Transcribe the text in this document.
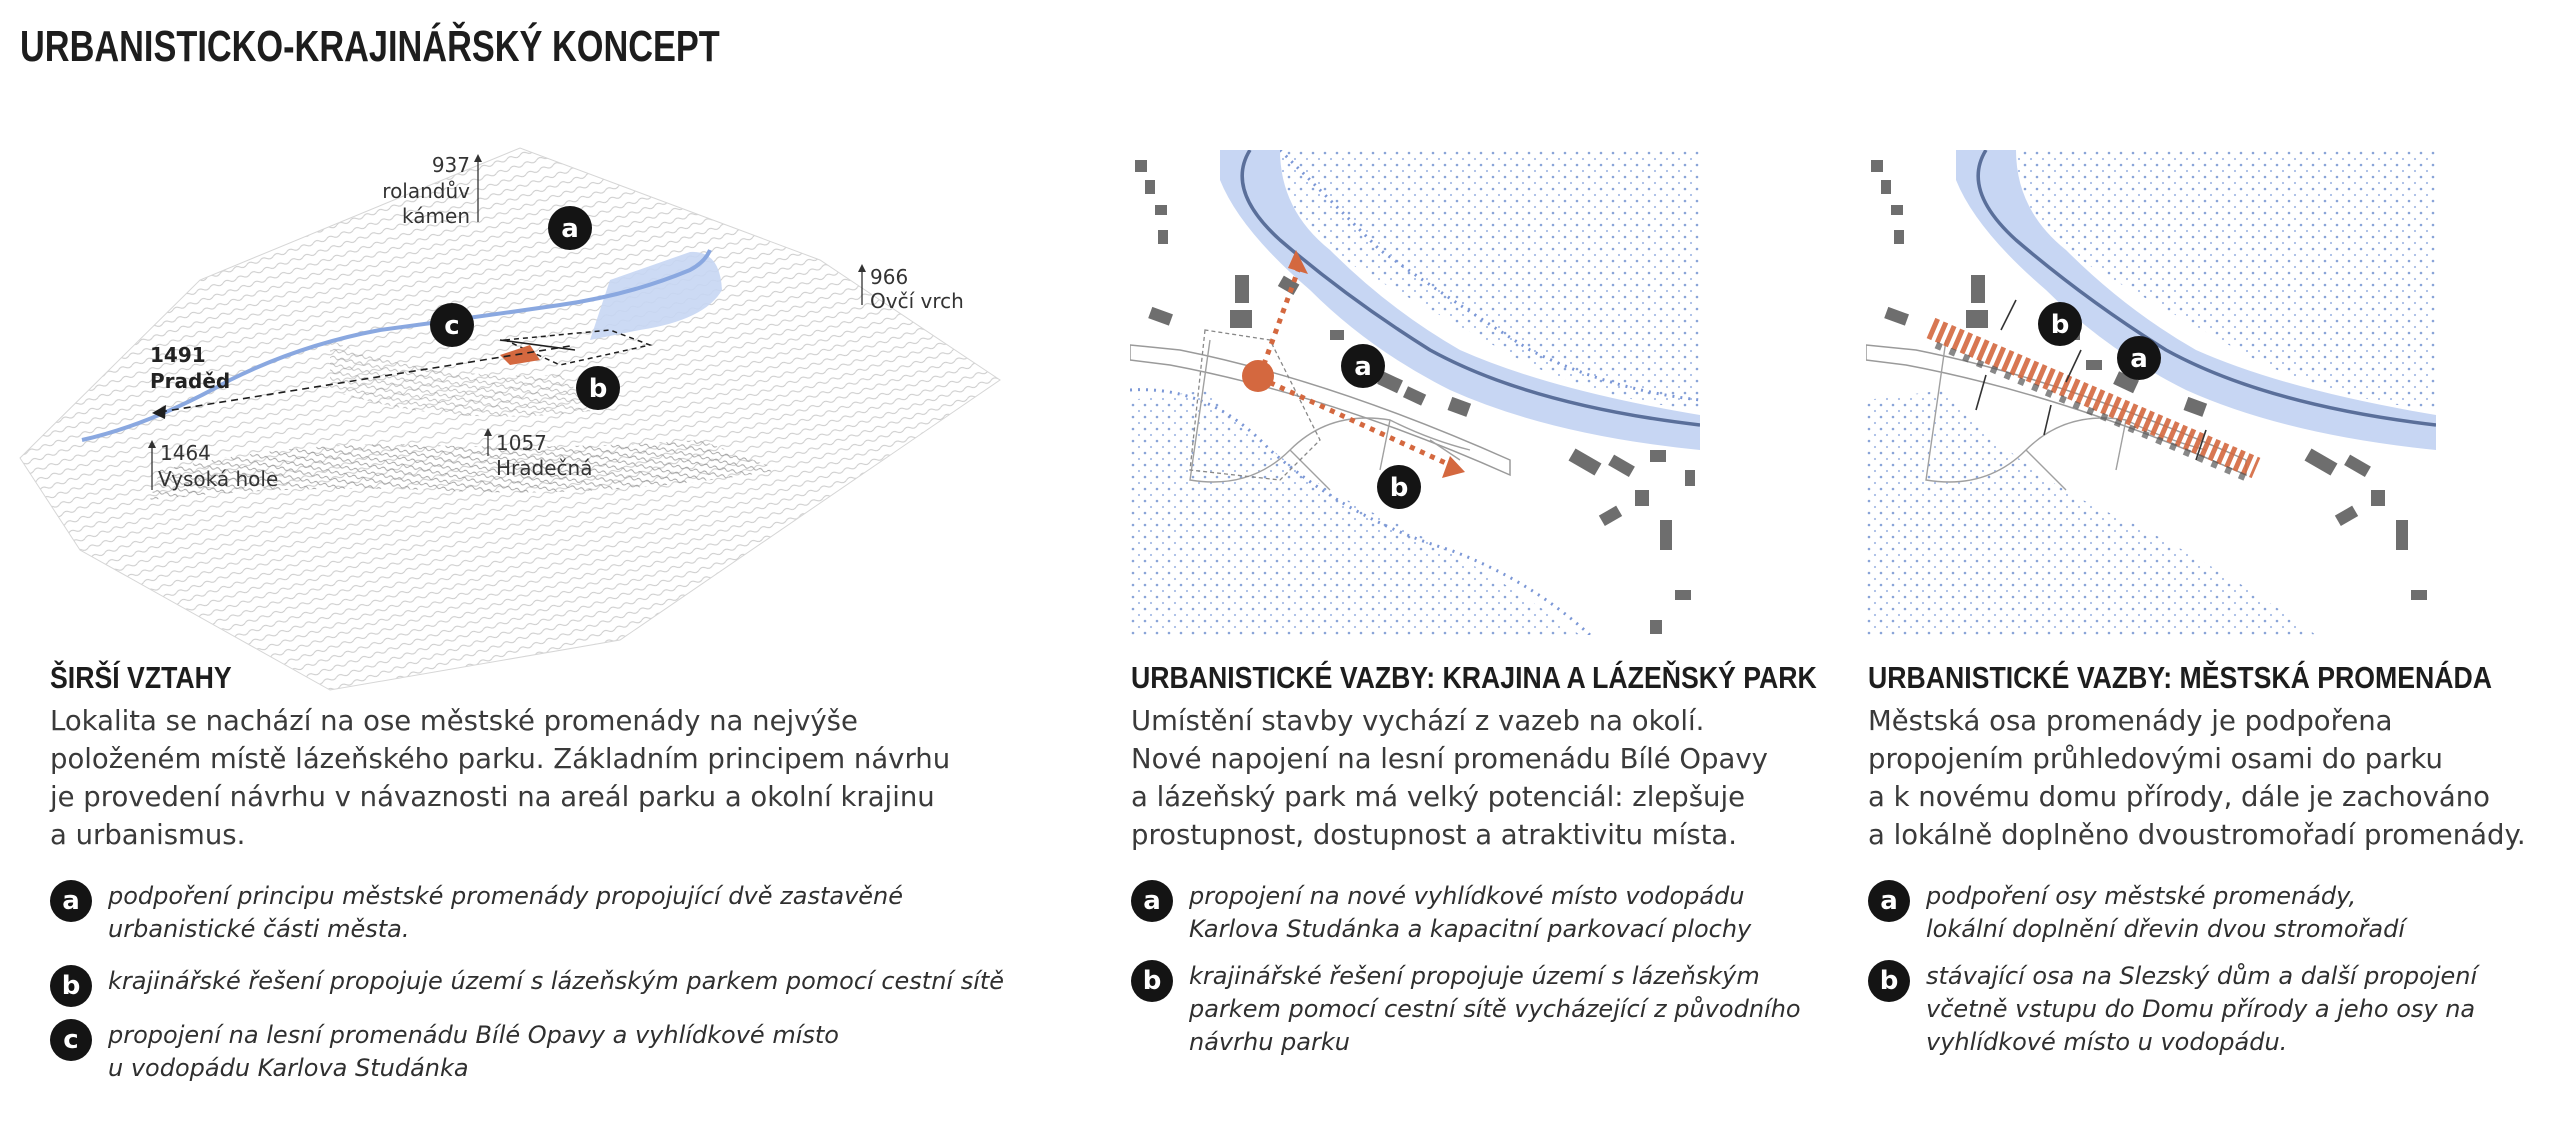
URBANISTICKO-KRAJINÁŘSKÝ KONCEPT
937
rolandův
kámen
966
Ovčí vrch
1491
Praděd
1464
Vysoká hole
1057
Hradečná
a
b
c
a
b
b
a
ŠIRŠÍ VZTAHY
Lokalita se nachází na ose městské promenády na nejvýše
položeném místě lázeňského parku. Základním principem návrhu
je provedení návrhu v návaznosti na areál parku a okolní krajinu
a urbanismus.
a	podpoření principu městské promenády propojující dvě zastavěné
urbanistické části města.
b	krajinářské řešení propojuje území s lázeňským parkem pomocí cestní sítě
c	propojení na lesní promenádu Bílé Opavy a vyhlídkové místo
u vodopádu Karlova Studánka
URBANISTICKÉ VAZBY: KRAJINA A LÁZEŇSKÝ PARK
Umístění stavby vychází z vazeb na okolí.
Nové napojení na lesní promenádu Bílé Opavy
a lázeňský park má velký potenciál: zlepšuje
prostupnost, dostupnost a atraktivitu místa.
a	propojení na nové vyhlídkové místo vodopádu
Karlova Studánka a kapacitní parkovací plochy
b	krajinářské řešení propojuje území s lázeňským
parkem pomocí cestní sítě vycházející z původního
návrhu parku
URBANISTICKÉ VAZBY: MĚSTSKÁ PROMENÁDA
Městská osa promenády je podpořena
propojením průhledovými osami do parku
a k novému domu přírody, dále je zachováno
a lokálně doplněno dvoustromořadí promenády.
a	podpoření osy městské promenády,
lokální doplnění dřevin dvou stromořadí
b	stávající osa na Slezský dům a další propojení
včetně vstupu do Domu přírody a jeho osy na
vyhlídkové místo u vodopádu.
